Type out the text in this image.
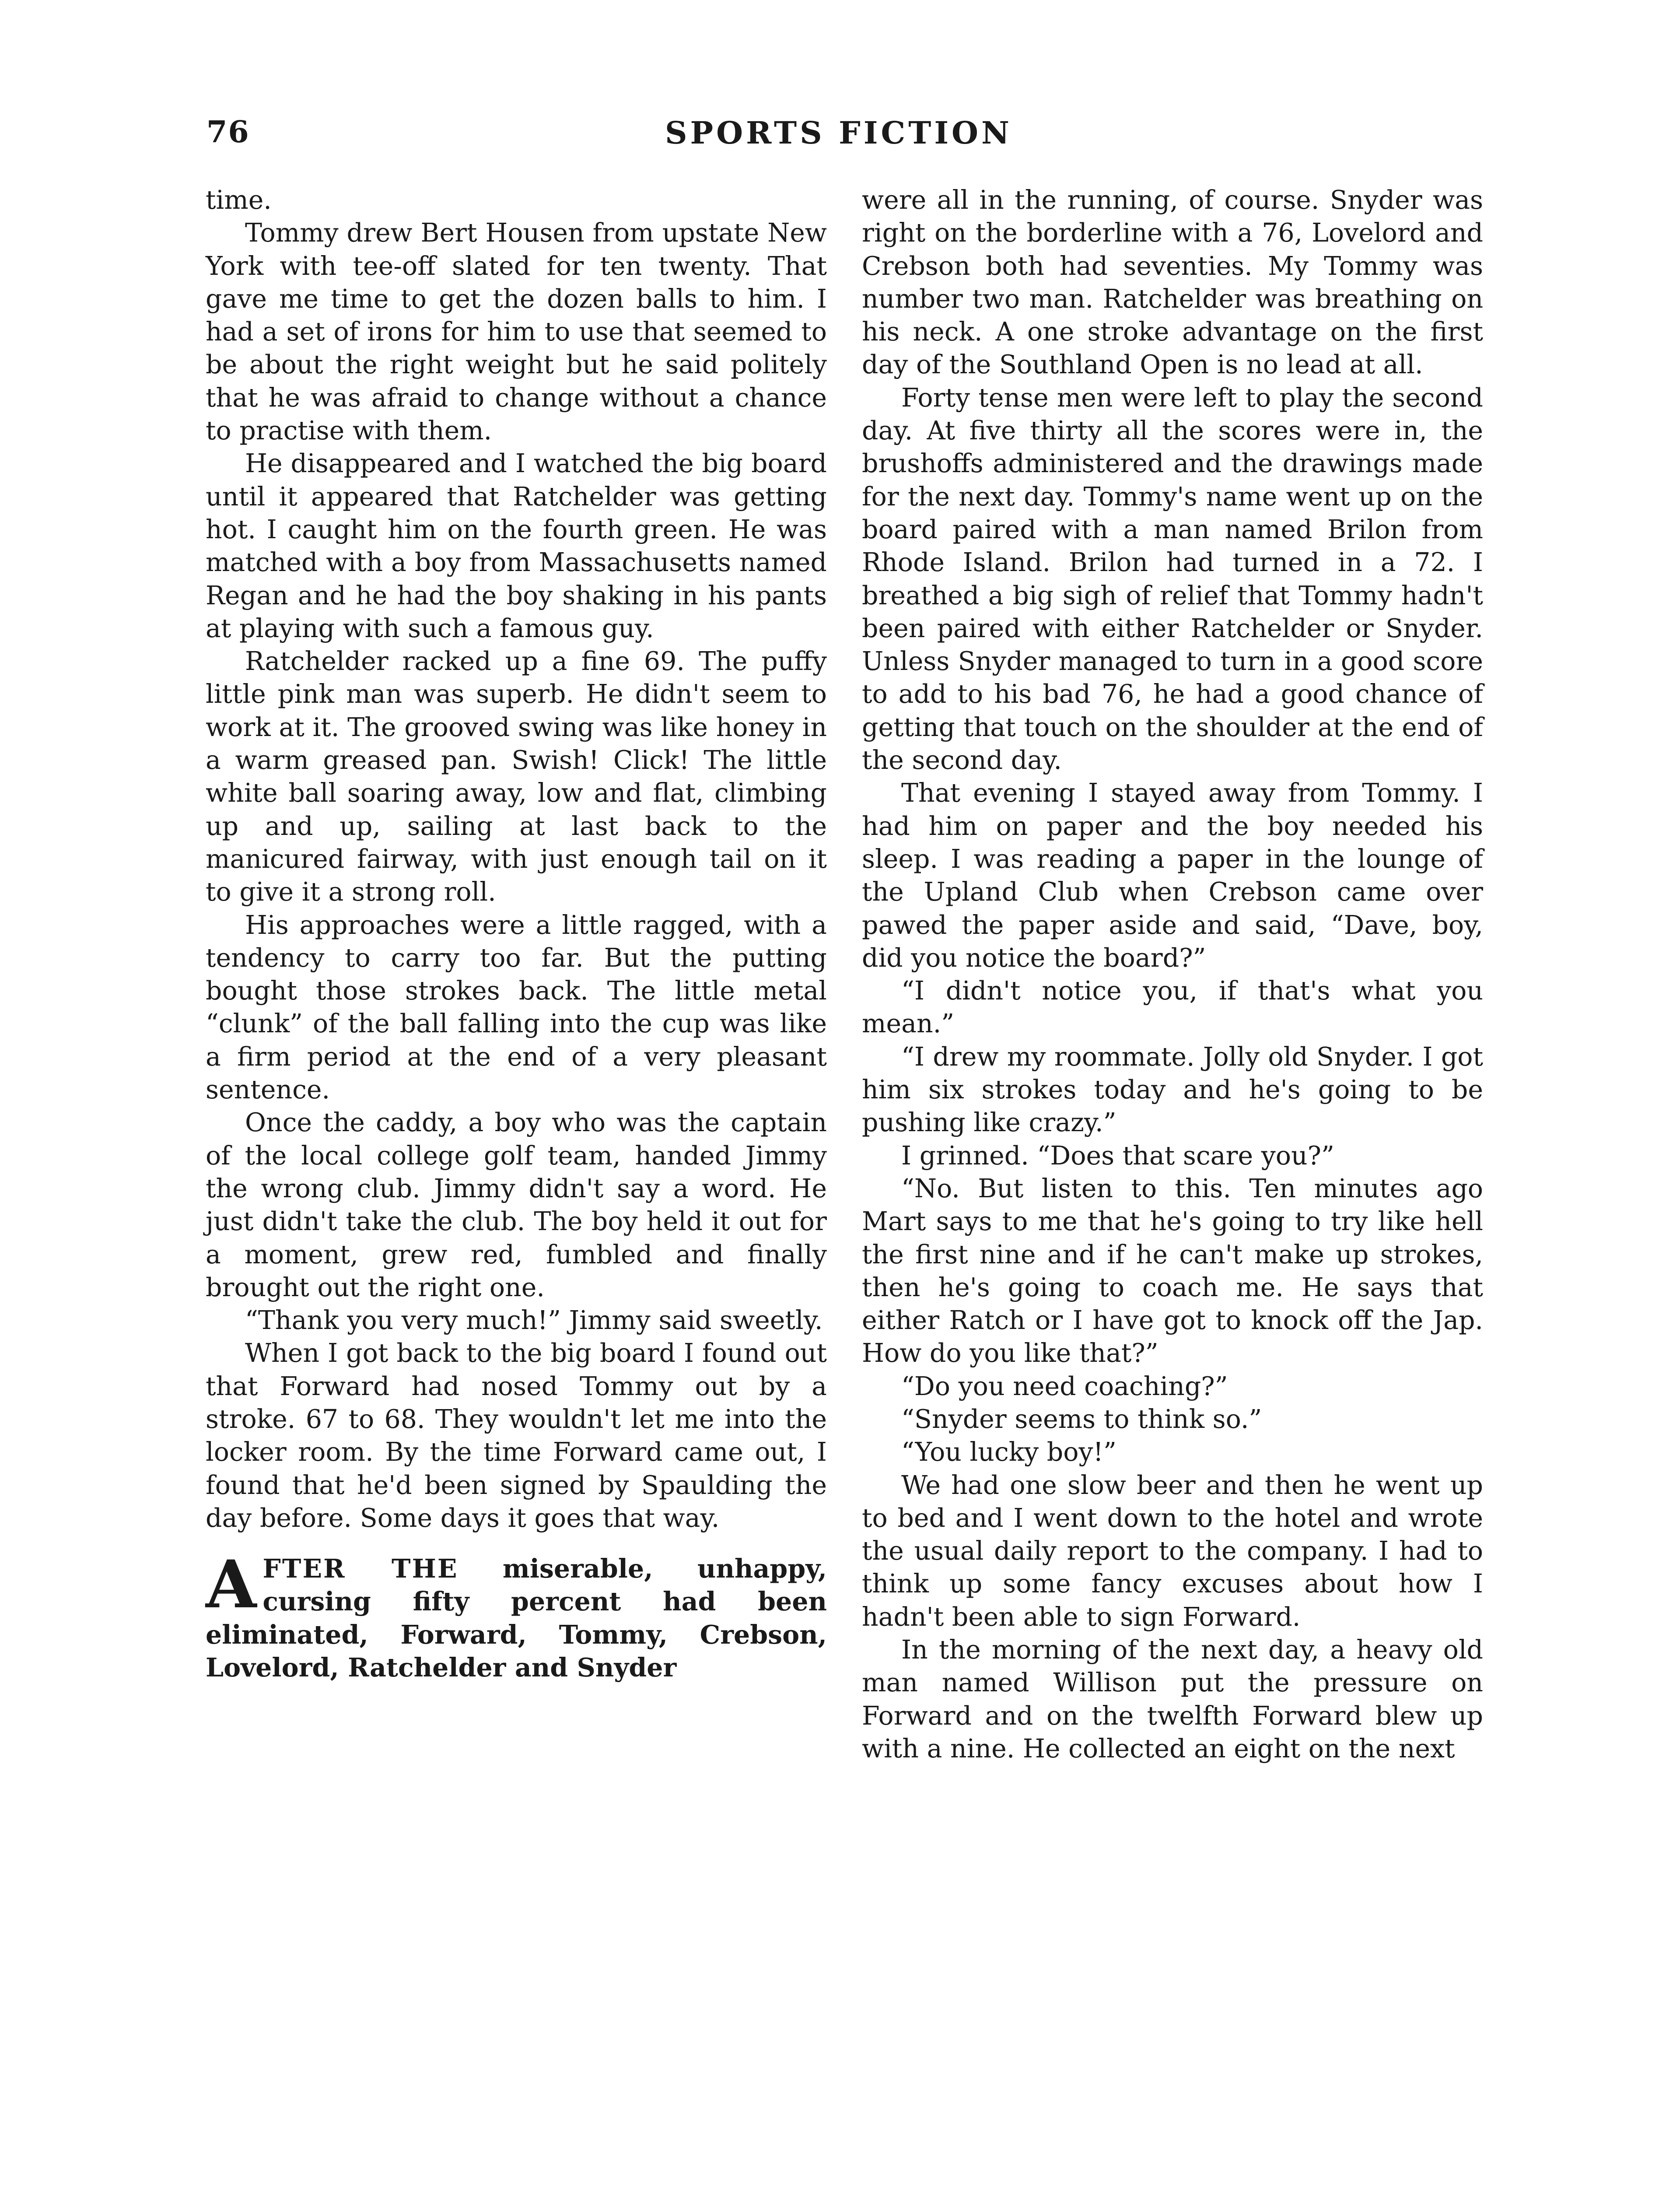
76	SPORTS FICTION

time.

Tommy drew Bert Housen from upstate New York with tee-off slated for ten twenty. That gave me time to get the dozen balls to him. I had a set of irons for him to use that seemed to be about the right weight but he said politely that he was afraid to change without a chance to practise with them.

He disappeared and I watched the big board until it appeared that Ratchelder was getting hot. I caught him on the fourth green. He was matched with a boy from Massachusetts named Regan and he had the boy shaking in his pants at playing with such a famous guy.

Ratchelder racked up a fine 69. The puffy little pink man was superb. He didn't seem to work at it. The grooved swing was like honey in a warm greased pan. Swish! Click! The little white ball soaring away, low and flat, climbing up and up, sailing at last back to the manicured fairway, with just enough tail on it to give it a strong roll.

His approaches were a little ragged, with a tendency to carry too far. But the putting bought those strokes back. The little metal “clunk” of the ball falling into the cup was like a firm period at the end of a very pleasant sentence.

Once the caddy, a boy who was the captain of the local college golf team, handed Jimmy the wrong club. Jimmy didn't say a word. He just didn't take the club. The boy held it out for a moment, grew red, fumbled and finally brought out the right one.

“Thank you very much!” Jimmy said sweetly.

When I got back to the big board I found out that Forward had nosed Tommy out by a stroke. 67 to 68. They wouldn't let me into the locker room. By the time Forward came out, I found that he'd been signed by Spaulding the day before. Some days it goes that way.

AFTER THE miserable, unhappy, cursing fifty percent had been eliminated, Forward, Tommy, Crebson, Lovelord, Ratchelder and Snyder

were all in the running, of course. Snyder was right on the borderline with a 76, Lovelord and Crebson both had seventies. My Tommy was number two man. Ratchelder was breathing on his neck. A one stroke advantage on the first day of the Southland Open is no lead at all.

Forty tense men were left to play the second day. At five thirty all the scores were in, the brushoffs administered and the drawings made for the next day. Tommy's name went up on the board paired with a man named Brilon from Rhode Island. Brilon had turned in a 72. I breathed a big sigh of relief that Tommy hadn't been paired with either Ratchelder or Snyder. Unless Snyder managed to turn in a good score to add to his bad 76, he had a good chance of getting that touch on the shoulder at the end of the second day.

That evening I stayed away from Tommy. I had him on paper and the boy needed his sleep. I was reading a paper in the lounge of the Upland Club when Crebson came over pawed the paper aside and said, “Dave, boy, did you notice the board?”

“I didn't notice you, if that's what you mean.”

“I drew my roommate. Jolly old Snyder. I got him six strokes today and he's going to be pushing like crazy.”

I grinned. “Does that scare you?”

“No. But listen to this. Ten minutes ago Mart says to me that he's going to try like hell the first nine and if he can't make up strokes, then he's going to coach me. He says that either Ratch or I have got to knock off the Jap. How do you like that?”

“Do you need coaching?”

“Snyder seems to think so.”

“You lucky boy!”

We had one slow beer and then he went up to bed and I went down to the hotel and wrote the usual daily report to the company. I had to think up some fancy excuses about how I hadn't been able to sign Forward.

In the morning of the next day, a heavy old man named Willison put the pressure on Forward and on the twelfth Forward blew up with a nine. He collected an eight on the next
